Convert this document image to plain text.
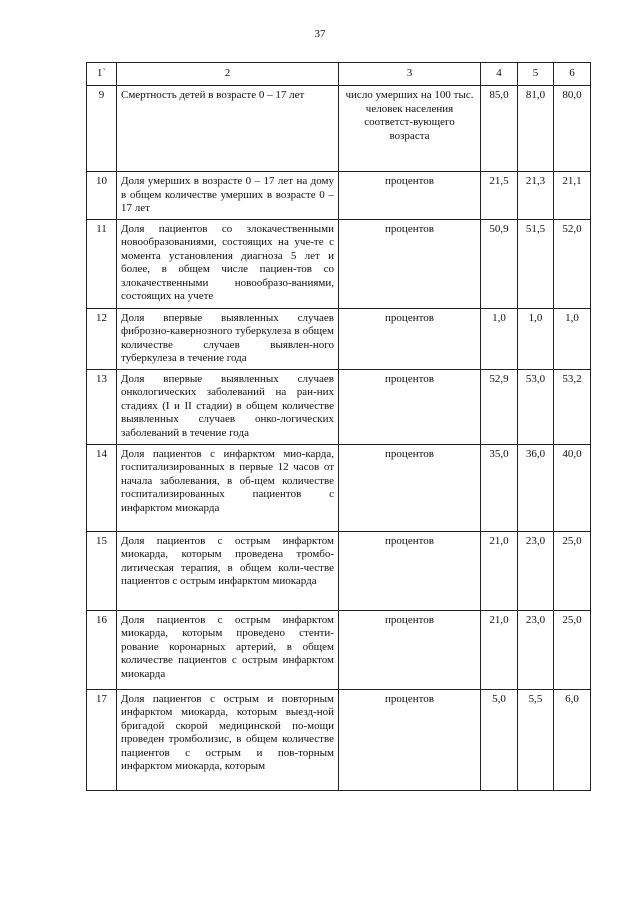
37
1`	2	3	4	5	6
9	Смертность детей в возрасте 0 – 17 лет	число умерших на 100 тыс. человек населения соответст-вующего возраста	85,0	81,0	80,0
10	Доля умерших в возрасте 0 – 17 лет на дому в общем количестве умерших в возрасте 0 – 17 лет	процентов	21,5	21,3	21,1
11	Доля пациентов со злокачественными новообразованиями, состоящих на уче-те с момента установления диагноза 5 лет и более, в общем числе пациен-тов со злокачественными новообразо-ваниями, состоящих на учете	процентов	50,9	51,5	52,0
12	Доля впервые выявленных случаев фиброзно-кавернозного туберкулеза в общем количестве случаев выявлен-ного туберкулеза в течение года	процентов	1,0	1,0	1,0
13	Доля впервые выявленных случаев онкологических заболеваний на ран-них стадиях (I и II стадии) в общем количестве выявленных случаев онко-логических заболеваний в течение года	процентов	52,9	53,0	53,2
14	Доля пациентов с инфарктом мио-карда, госпитализированных в первые 12 часов от начала заболевания, в об-щем количестве госпитализированных пациентов с инфарктом миокарда	процентов	35,0	36,0	40,0
15	Доля пациентов с острым инфарктом миокарда, которым проведена тромбо-литическая терапия, в общем коли-честве пациентов с острым инфарктом миокарда	процентов	21,0	23,0	25,0
16	Доля пациентов с острым инфарктом миокарда, которым проведено стенти-рование коронарных артерий, в общем количестве пациентов с острым инфарктом миокарда	процентов	21,0	23,0	25,0
17	Доля пациентов с острым и повторным инфарктом миокарда, которым выезд-ной бригадой скорой медицинской по-мощи проведен тромболизис, в общем количестве пациентов с острым и пов-торным инфарктом миокарда, которым	процентов	5,0	5,5	6,0
